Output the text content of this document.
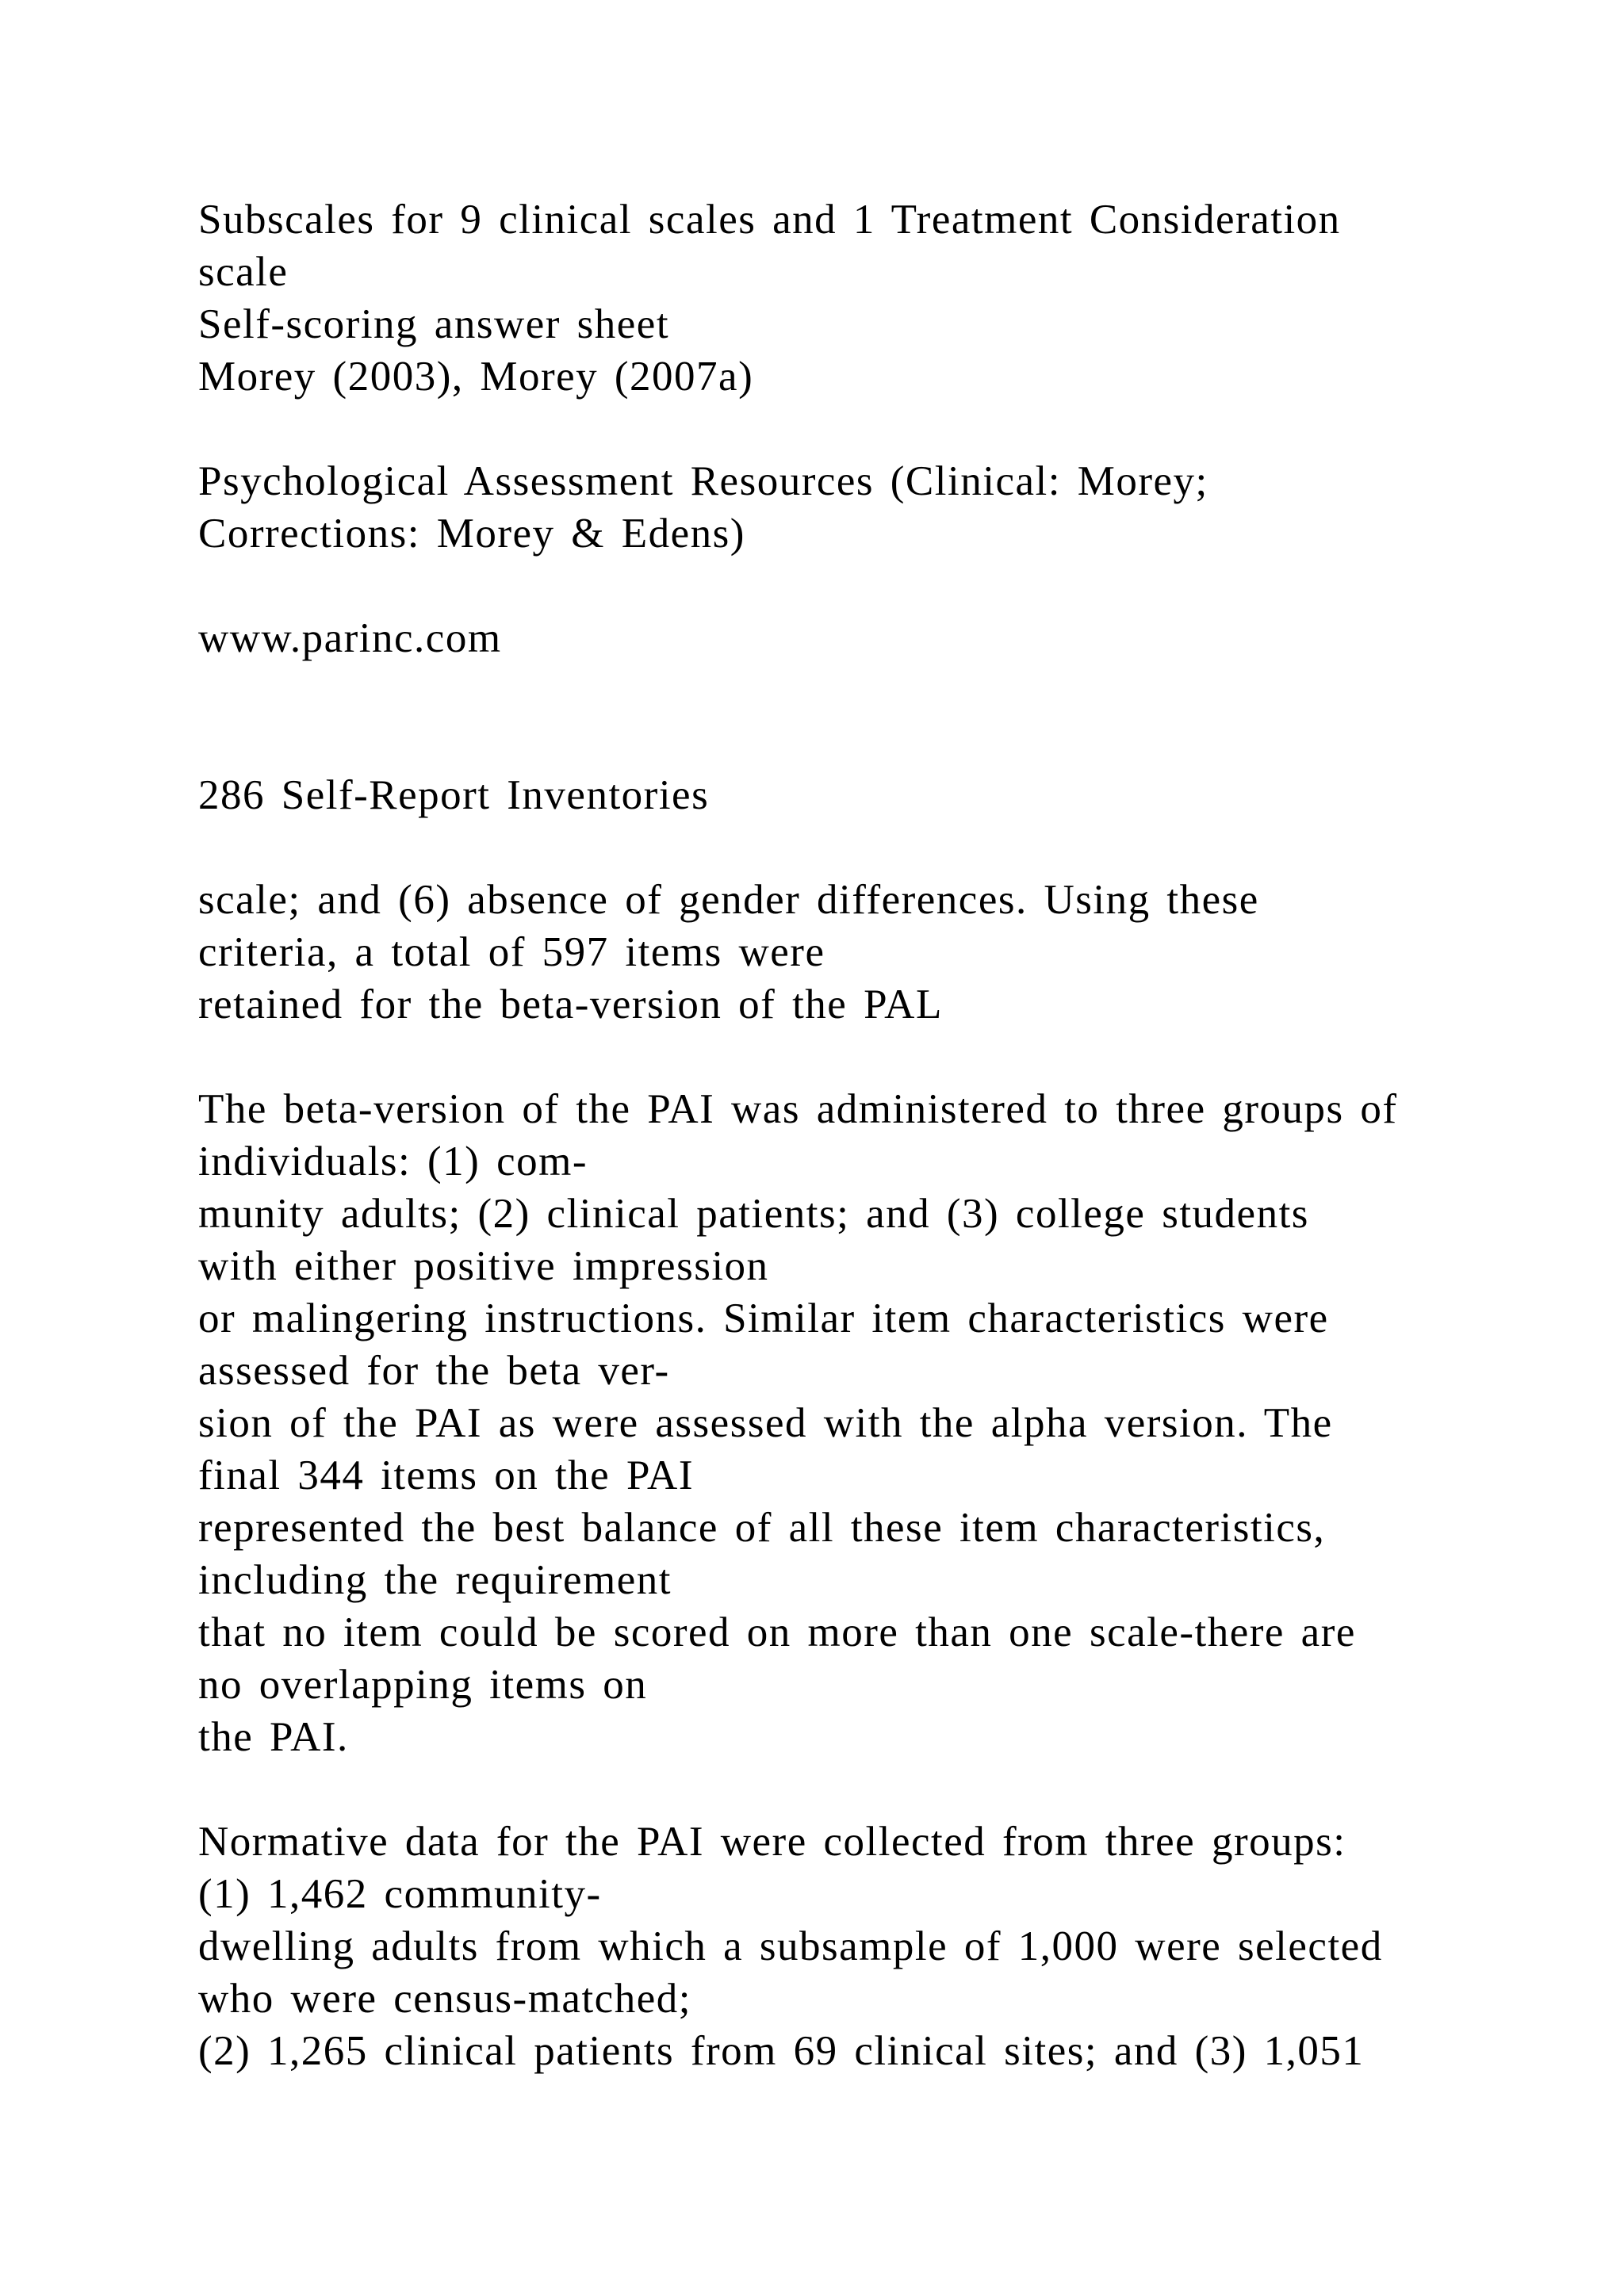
Subscales for 9 clinical scales and 1 Treatment Consideration
scale
Self-scoring answer sheet
Morey (2003), Morey (2007a)
Psychological Assessment Resources (Clinical: Morey;
Corrections: Morey & Edens)
www.parinc.com
286 Self-Report Inventories
scale; and (6) absence of gender differences. Using these
criteria, a total of 597 items were
retained for the beta-version of the PAL
The beta-version of the PAI was administered to three groups of
individuals: (1) com-
munity adults; (2) clinical patients; and (3) college students
with either positive impression
or malingering instructions. Similar item characteristics were
assessed for the beta ver-
sion of the PAI as were assessed with the alpha version. The
final 344 items on the PAI
represented the best balance of all these item characteristics,
including the requirement
that no item could be scored on more than one scale-there are
no overlapping items on
the PAI.
Normative data for the PAI were collected from three groups:
(1) 1,462 community-
dwelling adults from which a subsample of 1,000 were selected
who were census-matched;
(2) 1,265 clinical patients from 69 clinical sites; and (3) 1,051
